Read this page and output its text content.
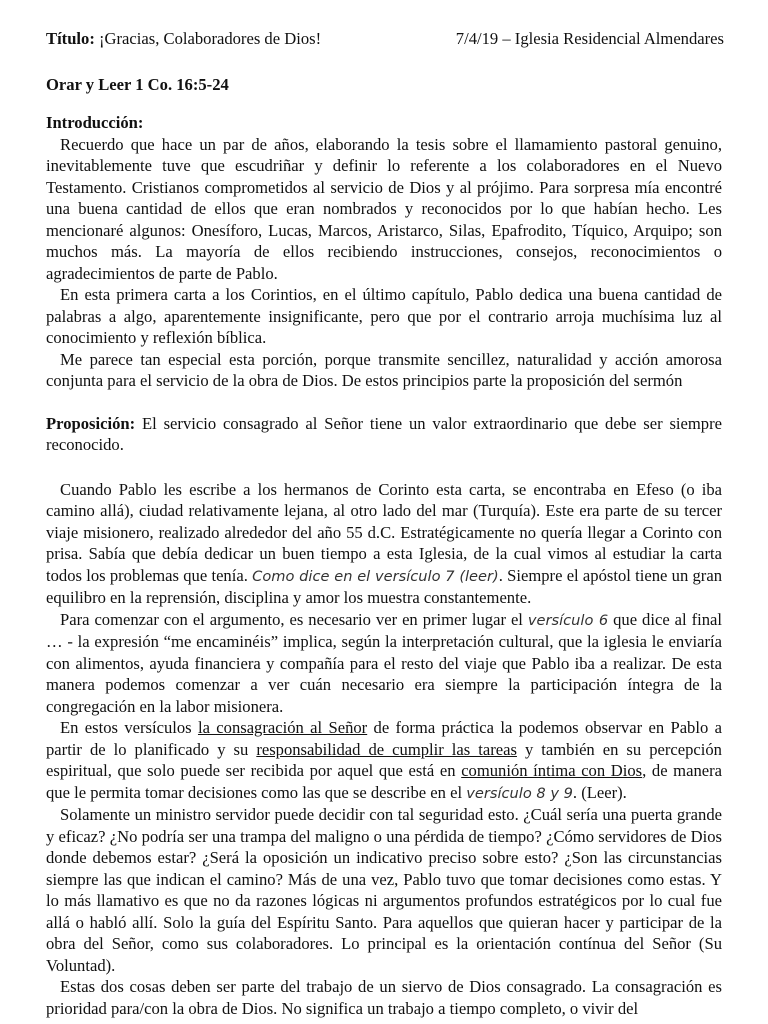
Título: ¡Gracias, Colaboradores de Dios!	7/4/19 – Iglesia Residencial Almendares
Orar y Leer 1 Co. 16:5-24
Introducción:

Recuerdo que hace un par de años, elaborando la tesis sobre el llamamiento pastoral genuino, inevitablemente tuve que escudriñar y definir lo referente a los colaboradores en el Nuevo Testamento. Cristianos comprometidos al servicio de Dios y al prójimo. Para sorpresa mía encontré una buena cantidad de ellos que eran nombrados y reconocidos por lo que habían hecho. Les mencionaré algunos: Onesíforo, Lucas, Marcos, Aristarco, Silas, Epafrodito, Tíquico, Arquipo; son muchos más. La mayoría de ellos recibiendo instrucciones, consejos, reconocimientos o agradecimientos de parte de Pablo.

En esta primera carta a los Corintios, en el último capítulo, Pablo dedica una buena cantidad de palabras a algo, aparentemente insignificante, pero que por el contrario arroja muchísima luz al conocimiento y reflexión bíblica.

Me parece tan especial esta porción, porque transmite sencillez, naturalidad y acción amorosa conjunta para el servicio de la obra de Dios. De estos principios parte la proposición del sermón

Proposición: El servicio consagrado al Señor tiene un valor extraordinario que debe ser siempre reconocido.

Cuando Pablo les escribe a los hermanos de Corinto esta carta, se encontraba en Efeso (o iba camino allá), ciudad relativamente lejana, al otro lado del mar (Turquía). Este era parte de su tercer viaje misionero, realizado alrededor del año 55 d.C. Estratégicamente no quería llegar a Corinto con prisa. Sabía que debía dedicar un buen tiempo a esta Iglesia, de la cual vimos al estudiar la carta todos los problemas que tenía. Como dice en el versículo 7 (leer). Siempre el apóstol tiene un gran equilibro en la reprensión, disciplina y amor los muestra constantemente.

Para comenzar con el argumento, es necesario ver en primer lugar el versículo 6 que dice al final … - la expresión “me encaminéis” implica, según la interpretación cultural, que la iglesia le enviaría con alimentos, ayuda financiera y compañía para el resto del viaje que Pablo iba a realizar. De esta manera podemos comenzar a ver cuán necesario era siempre la participación íntegra de la congregación en la labor misionera.

En estos versículos la consagración al Señor de forma práctica la podemos observar en Pablo a partir de lo planificado y su responsabilidad de cumplir las tareas y también en su percepción espiritual, que solo puede ser recibida por aquel que está en comunión íntima con Dios, de manera que le permita tomar decisiones como las que se describe en el versículo 8 y 9. (Leer).

Solamente un ministro servidor puede decidir con tal seguridad esto. ¿Cuál sería una puerta grande y eficaz? ¿No podría ser una trampa del maligno o una pérdida de tiempo? ¿Cómo servidores de Dios donde debemos estar? ¿Será la oposición un indicativo preciso sobre esto? ¿Son las circunstancias siempre las que indican el camino? Más de una vez, Pablo tuvo que tomar decisiones como estas. Y lo más llamativo es que no da razones lógicas ni argumentos profundos estratégicos por lo cual fue allá o habló allí. Solo la guía del Espíritu Santo. Para aquellos que quieran hacer y participar de la obra del Señor, como sus colaboradores. Lo principal es la orientación contínua del Señor (Su Voluntad).

Estas dos cosas deben ser parte del trabajo de un siervo de Dios consagrado. La consagración es prioridad para/con la obra de Dios. No significa un trabajo a tiempo completo, o vivir del
